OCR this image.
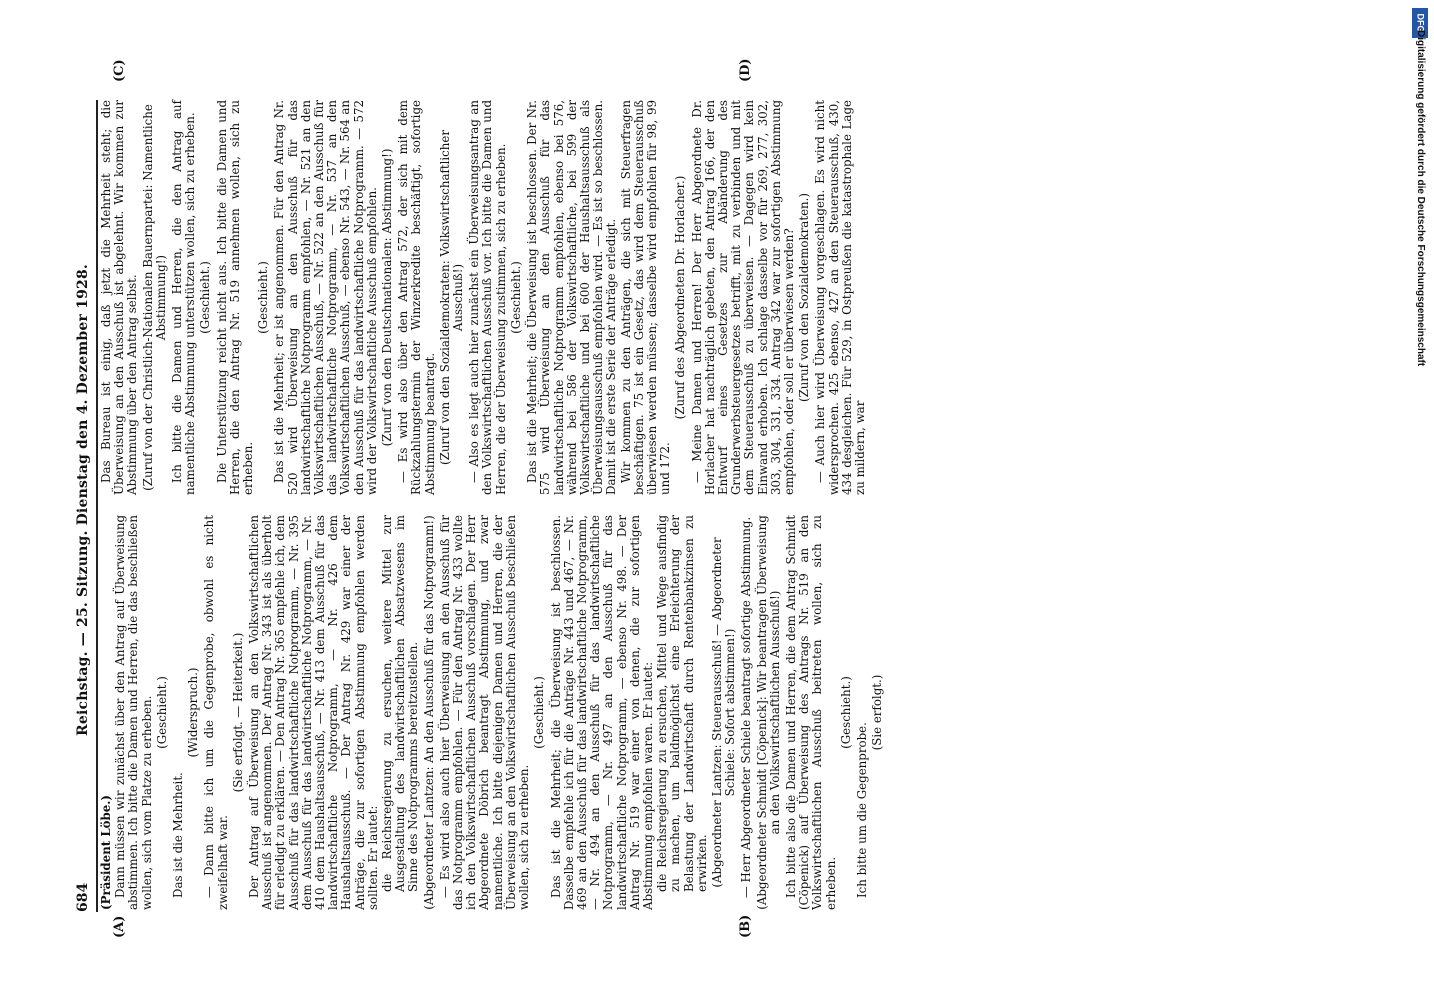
684
Reichstag. — 25. Sitzung. Dienstag den 4. Dezember 1928.
(A)	(B)
(C)	(D)

(Präsident Löbe.) Dann müssen wir zunächst über den Antrag auf Überweisung abstimmen. Ich bitte die Damen und Herren, die das beschließen wollen, sich vom Platze zu erheben. (Geschieht.)

Das ist die Mehrheit.

(Widerspruch.) — Dann bitte ich um die Gegenprobe, obwohl es nicht zweifelhaft war.

(Sie erfolgt. — Heiterkeit.) Der Antrag auf Überweisung an den Volkswirtschaftlichen Ausschuß ist angenommen. Der Antrag Nr. 343 ist als überholt für erledigt zu erklären. — Den Antrag Nr. 365 empfehle ich, dem Ausschuß für das landwirtschaftliche Notprogramm, — Nr. 395 dem Ausschuß für das landwirtschaftliche Notprogramm, — Nr. 410 dem Haushaltsausschuß, — Nr. 413 dem Ausschuß für das landwirtschaftliche Notprogramm, — Nr. 426 dem Haushaltsausschuß. — Der Antrag Nr. 429 war einer der Anträge, die zur sofortigen Abstimmung empfohlen werden sollten. Er lautet: die Reichsregierung zu ersuchen, weitere Mittel zur Ausgestaltung des landwirtschaftlichen Absatzwesens im Sinne des Notprogramms bereitzustellen. (Abgeordneter Lantzen: An den Ausschuß für das Notprogramm!) — Es wird also auch hier Überweisung an den Ausschuß für das Notprogramm empfohlen. — Für den Antrag Nr. 433 wollte ich den Volkswirtschaftlichen Ausschuß vorschlagen. Der Herr Abgeordnete Döbrich beantragt Abstimmung, und zwar namentliche. Ich bitte diejenigen Damen und Herren, die der Überweisung an den Volkswirtschaftlichen Ausschuß beschließen wollen, sich zu erheben.

(Geschieht.) Das ist die Mehrheit; die Überweisung ist beschlossen. Dasselbe empfehle ich für die Anträge Nr. 443 und 467, — Nr. 469 an den Ausschuß für das landwirtschaftliche Notprogramm, — Nr. 494 an den Ausschuß für das landwirtschaftliche Notprogramm, — Nr. 497 an den Ausschuß für das landwirtschaftliche Notprogramm, — ebenso Nr. 498. — Der Antrag Nr. 519 war einer von denen, die zur sofortigen Abstimmung empfohlen waren. Er lautet: die Reichsregierung zu ersuchen, Mittel und Wege ausfindig zu machen, um baldmöglichst eine Erleichterung der Belastung der Landwirtschaft durch Rentenbankzinsen zu erwirken. (Abgeordneter Lantzen: Steuerausschuß! — Abgeordneter Schiele: Sofort abstimmen!) — Herr Abgeordneter Schiele beantragt sofortige Abstimmung. (Abgeordneter Schmidt [Cöpenick]: Wir beantragen Überweisung an den Volkswirtschaftlichen Ausschuß!) Ich bitte also die Damen und Herren, die dem Antrag Schmidt (Cöpenick) auf Überweisung des Antrags Nr. 519 an den Volkswirtschaftlichen Ausschuß beitreten wollen, sich zu erheben.

(Geschieht.)

Ich bitte um die Gegenprobe.

(Sie erfolgt.)

Das Bureau ist einig, daß jetzt die Mehrheit steht; die Überweisung an den Ausschuß ist abgelehnt. Wir kommen zur Abstimmung über den Antrag selbst. (Zuruf von der Christlich-Nationalen Bauernpartei: Namentliche Abstimmung!) Ich bitte die Damen und Herren, die den Antrag auf namentliche Abstimmung unterstützen wollen, sich zu erheben. (Geschieht.) Die Unterstützung reicht nicht aus. Ich bitte die Damen und Herren, die den Antrag Nr. 519 annehmen wollen, sich zu erheben.

(Geschieht.) Das ist die Mehrheit; er ist angenommen. Für den Antrag Nr. 520 wird Überweisung an den Ausschuß für das landwirtschaftliche Notprogramm empfohlen, — Nr. 521 an den Volkswirtschaftlichen Ausschuß, — Nr. 522 an den Ausschuß für das landwirtschaftliche Notprogramm, — Nr. 537 an den Volkswirtschaftlichen Ausschuß, — ebenso Nr. 543, — Nr. 564 an den Ausschuß für das landwirtschaftliche Notprogramm. — 572 wird der Volkswirtschaftliche Ausschuß empfohlen. (Zuruf von den Deutschnationalen: Abstimmung!) — Es wird also über den Antrag 572, der sich mit dem Rückzahlungstermin der Winzerkredite beschäftigt, sofortige Abstimmung beantragt. (Zuruf von den Sozialdemokraten: Volkswirtschaftlicher Ausschuß!) — Also es liegt auch hier zunächst ein Überweisungsantrag an den Volkswirtschaftlichen Ausschuß vor. Ich bitte die Damen und Herren, die der Überweisung zustimmen, sich zu erheben. (Geschieht.) Das ist die Mehrheit; die Überweisung ist beschlossen. Der Nr. 575 wird Überweisung an den Ausschuß für das landwirtschaftliche Notprogramm empfohlen, ebenso bei 576, während bei 586 der Volkswirtschaftliche, bei 599 der Volkswirtschaftliche und bei 600 der Haushaltsausschuß als Überweisungsausschuß empfohlen wird. — Es ist so beschlossen. Damit ist die erste Serie der Anträge erledigt. Wir kommen zu den Anträgen, die sich mit Steuerfragen beschäftigen. 75 ist ein Gesetz, das wird dem Steuerausschuß überwiesen werden müssen; dasselbe wird empfohlen für 98, 99 und 172.

(Zuruf des Abgeordneten Dr. Horlacher.) — Meine Damen und Herren! Der Herr Abgeordnete Dr. Horlacher hat nachträglich gebeten, den Antrag 166, der den Entwurf eines Gesetzes zur Abänderung des Grunderwerbsteuergesetzes betrifft, mit zu verbinden und mit dem Steuerausschuß zu überweisen. — Dagegen wird kein Einwand erhoben. Ich schlage dasselbe vor für 269, 277, 302, 303, 304, 331, 334. Antrag 342 war zur sofortigen Abstimmung empfohlen, oder soll er überwiesen werden? (Zuruf von den Sozialdemokraten.) — Auch hier wird Überweisung vorgeschlagen. Es wird nicht widersprochen. 425 ebenso, 427 an den Steuerausschuß, 430, 434 desgleichen. Für 529, in Ostpreußen die katastrophale Lage zu mildern, war

DFG
Digitalisierung gefördert durch die Deutsche Forschungsgemeinschaft
